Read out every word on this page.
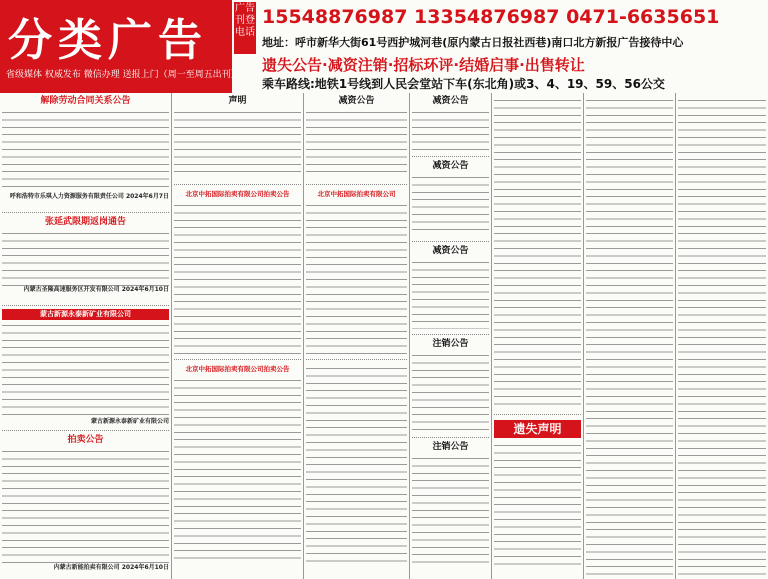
分类广告
省级媒体 权威发布 微信办理 送报上门（周一至周五出刊）
广告刊登电话
15548876987 13354876987 0471-6635651
地址：呼市新华大街61号西护城河巷(原内蒙古日报社西巷)南口北方新报广告接待中心
遗失公告·减资注销·招标环评·结婚启事·出售转让
乘车路线:地铁1号线到人民会堂站下车(东北角)或3、4、19、59、56公交
解除劳动合同关系公告
呼和浩特市乐琪人力资源服务有限责任公司 2024年6月7日
张延武限期返岗通告
内蒙古圣隆高速服务区开发有限公司 2024年6月10日
蒙古新源永泰新矿业有限公司
蒙古新源永泰新矿业有限公司
拍卖公告
内蒙古新能拍卖有限公司 2024年6月10日
声明
北京中拓国际拍卖有限公司拍卖公告
北京中拓国际拍卖有限公司拍卖公告
减资公告
北京中拓国际拍卖有限公司
减资公告
减资公告
减资公告
注销公告
注销公告
遗失声明
